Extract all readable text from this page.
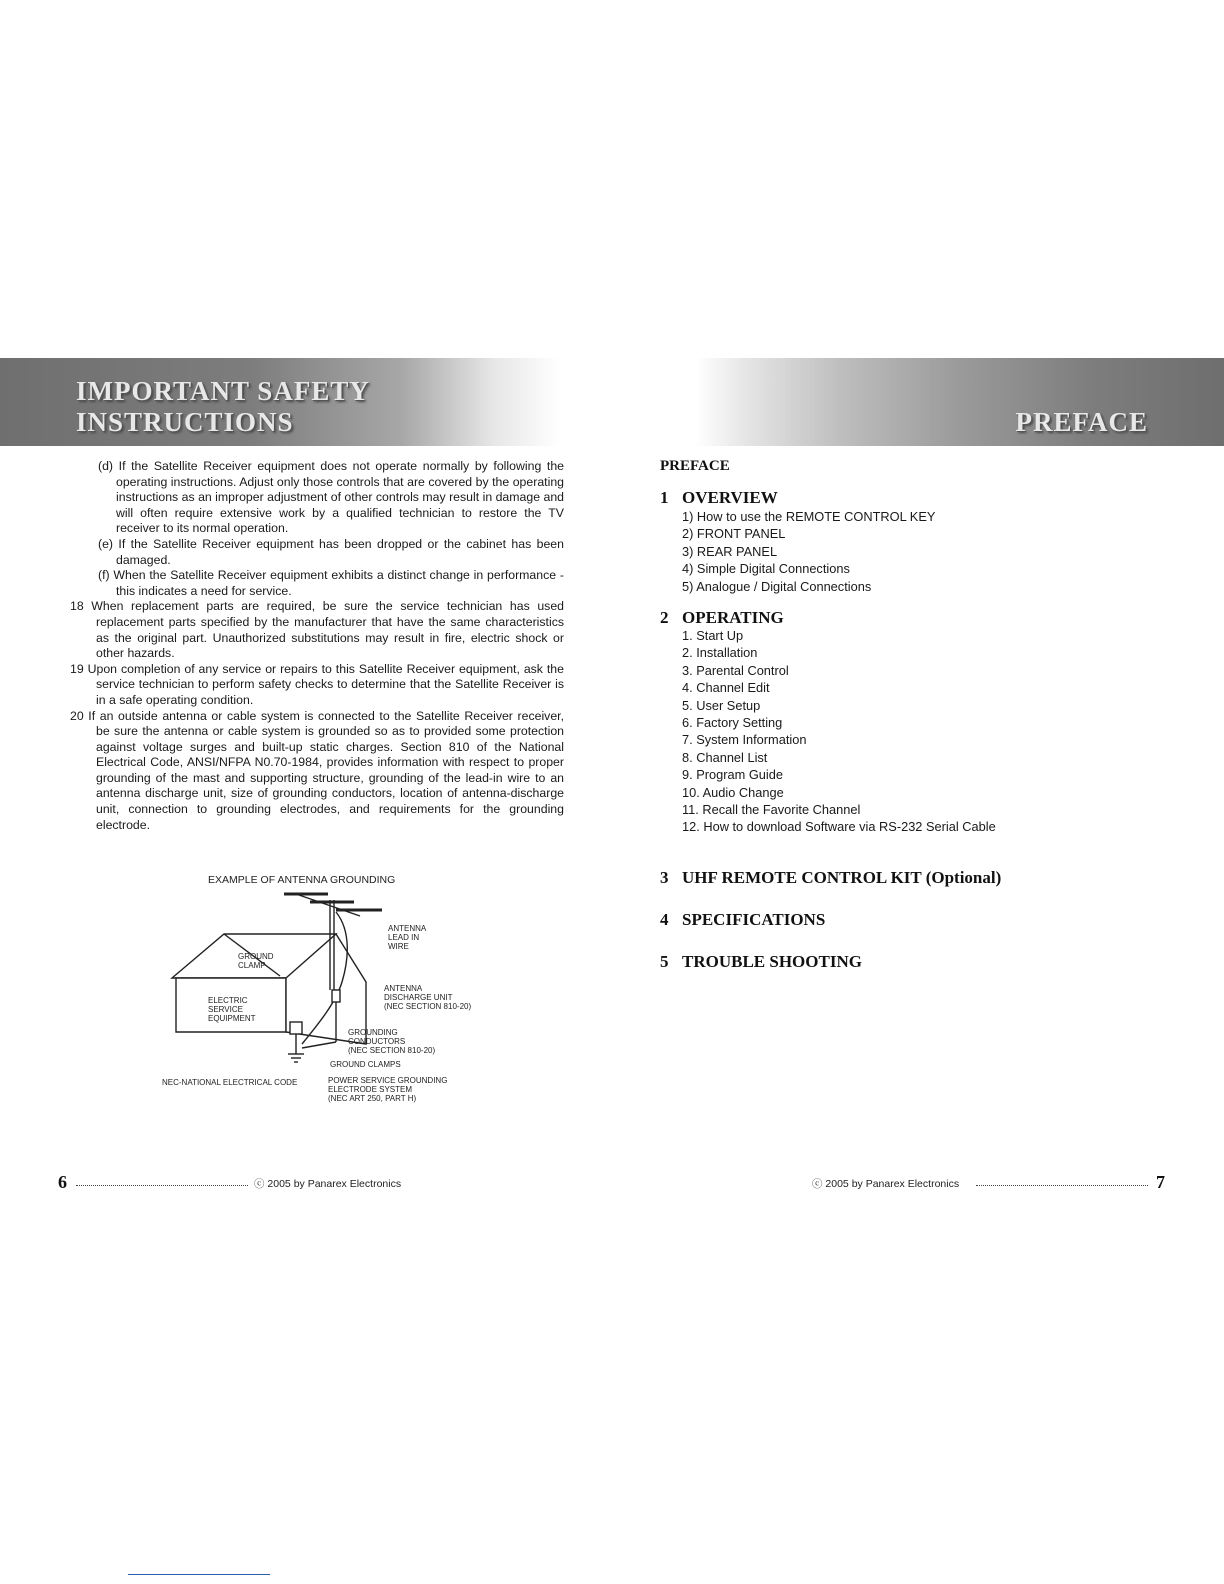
IMPORTANT SAFETY INSTRUCTIONS
(d) If the Satellite Receiver equipment does not operate normally by following the operating instructions. Adjust only those controls that are covered by the operating instructions as an improper adjustment of other controls may result in damage and will often require extensive work by a qualified technician to restore the TV receiver to its normal operation.
(e) If the Satellite Receiver equipment has been dropped or the cabinet has been damaged.
(f) When the Satellite Receiver equipment exhibits a distinct change in performance - this indicates a need for service.
18 When replacement parts are required, be sure the service technician has used replacement parts specified by the manufacturer that have the same characteristics as the original part. Unauthorized substitutions may result in fire, electric shock or other hazards.
19 Upon completion of any service or repairs to this Satellite Receiver equipment, ask the service technician to perform safety checks to determine that the Satellite Receiver is in a safe operating condition.
20 If an outside antenna or cable system is connected to the Satellite Receiver receiver, be sure the antenna or cable system is grounded so as to provided some protection against voltage surges and built-up static charges. Section 810 of the National Electrical Code, ANSI/NFPA N0.70-1984, provides information with respect to proper grounding of the mast and supporting structure, grounding of the lead-in wire to an antenna discharge unit, size of grounding conductors, location of antenna-discharge unit, connection to grounding electrodes, and requirements for the grounding electrode.
EXAMPLE OF ANTENNA GROUNDING
ANTENNA
LEAD IN
WIRE
GROUND
CLAMP
ANTENNA
DISCHARGE UNIT
(NEC SECTION 810-20)
ELECTRIC
SERVICE
EQUIPMENT
GROUNDING
CONDUCTORS
(NEC SECTION 810-20)
GROUND CLAMPS
NEC-NATIONAL ELECTRICAL CODE	POWER SERVICE GROUNDING
ELECTRODE SYSTEM
(NEC ART 250, PART H)
6	ⓒ 2005 by Panarex Electronics
PREFACE
PREFACE
1 OVERVIEW
1) How to use the REMOTE CONTROL KEY
2) FRONT PANEL
3) REAR PANEL
4) Simple Digital Connections
5) Analogue / Digital Connections
2 OPERATING
1. Start Up
2. Installation
3. Parental Control
4. Channel Edit
5. User Setup
6. Factory Setting
7. System Information
8. Channel List
9. Program Guide
10. Audio Change
11. Recall the Favorite Channel
12. How to download Software via RS-232 Serial Cable
3 UHF REMOTE CONTROL KIT (Optional)
4 SPECIFICATIONS
5 TROUBLE SHOOTING
ⓒ 2005 by Panarex Electronics	7
